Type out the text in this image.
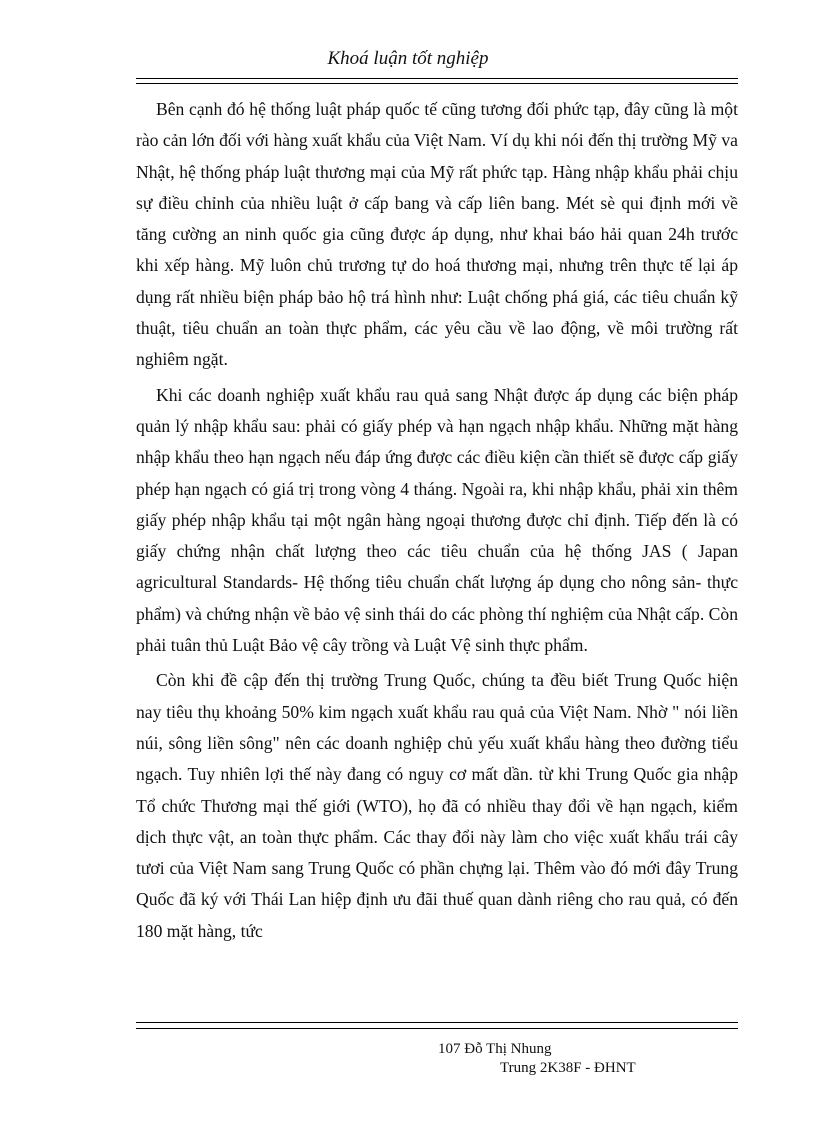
Khoá luận tốt nghiệp

Bên cạnh đó hệ thống luật pháp quốc tế cũng tương đối phức tạp, đây cũng là một rào cản lớn đối với hàng xuất khẩu của Việt Nam. Ví dụ khi nói đến thị trường Mỹ va Nhật, hệ thống pháp luật thương mại của Mỹ rất phức tạp. Hàng nhập khẩu phải chịu sự điều chỉnh của nhiều luật ở cấp bang và cấp liên bang. Mét sè qui định mới về tăng cường an ninh quốc gia cũng được áp dụng, như khai báo hải quan 24h trước khi xếp hàng. Mỹ luôn chủ trương tự do hoá thương mại, nhưng trên thực tế lại áp dụng rất nhiều biện pháp bảo hộ trá hình như: Luật chống phá giá, các tiêu chuẩn kỹ thuật, tiêu chuẩn an toàn thực phẩm, các yêu cầu về lao động, về môi trường rất nghiêm ngặt.

Khi các doanh nghiệp xuất khẩu rau quả sang Nhật được áp dụng các biện pháp quản lý nhập khẩu sau: phải có giấy phép và hạn ngạch nhập khẩu. Những mặt hàng nhập khẩu theo hạn ngạch nếu đáp ứng được các điều kiện cần thiết sẽ được cấp giấy phép hạn ngạch có giá trị trong vòng 4 tháng. Ngoài ra, khi nhập khẩu, phải xin thêm giấy phép nhập khẩu tại một ngân hàng ngoại thương được chỉ định. Tiếp đến là có giấy chứng nhận chất lượng theo các tiêu chuẩn của hệ thống JAS ( Japan agricultural Standards- Hệ thống tiêu chuẩn chất lượng áp dụng cho nông sản- thực phẩm) và chứng nhận về bảo vệ sinh thái do các phòng thí nghiệm của Nhật cấp. Còn phải tuân thủ Luật Bảo vệ cây trồng và Luật Vệ sinh thực phẩm.

Còn khi đề cập đến thị trường Trung Quốc, chúng ta đều biết Trung Quốc hiện nay tiêu thụ khoảng 50% kim ngạch xuất khẩu rau quả của Việt Nam. Nhờ " nói liền núi, sông liền sông" nên các doanh nghiệp chủ yếu xuất khẩu hàng theo đường tiểu ngạch. Tuy nhiên lợi thế này đang có nguy cơ mất dần. từ khi Trung Quốc gia nhập Tổ chức Thương mại thế giới (WTO), họ đã có nhiều thay đổi về hạn ngạch, kiểm dịch thực vật, an toàn thực phẩm. Các thay đổi này làm cho việc xuất khẩu trái cây tươi của Việt Nam sang Trung Quốc có phần chựng lại. Thêm vào đó mới đây Trung Quốc đã ký với Thái Lan hiệp định ưu đãi thuế quan dành riêng cho rau quả, có đến 180 mặt hàng, tức

107 Đỗ Thị Nhung

Trung 2K38F - ĐHNT
